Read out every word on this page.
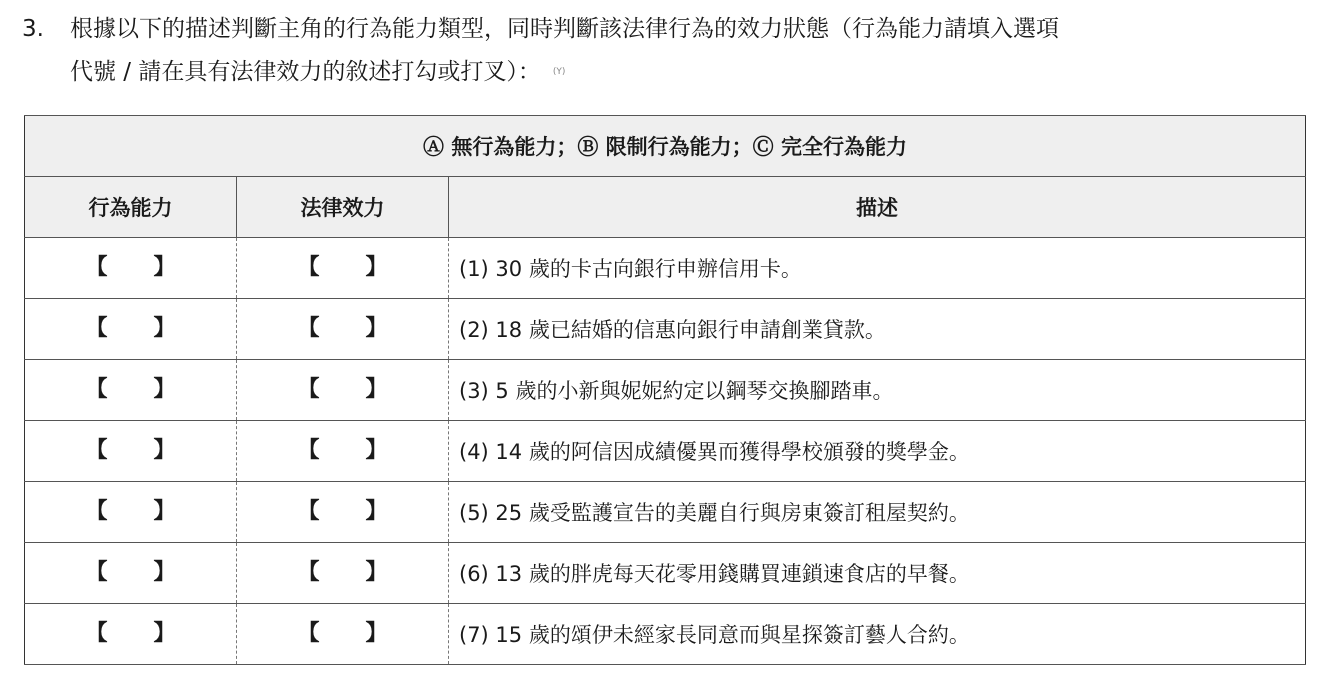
3. 根據以下的描述判斷主角的行為能力類型，同時判斷該法律行為的效力狀態（行為能力請填入選項
代號 / 請在具有法律效力的敘述打勾或打叉）： (Y)
Ⓐ 無行為能力；Ⓑ 限制行為能力；Ⓒ 完全行為能力		
行為能力	法律效力	描述

【 】	【 】	(1) 30 歲的卡古向銀行申辦信用卡。

【 】	【 】	(2) 18 歲已結婚的信惠向銀行申請創業貸款。

【 】	【 】	(3) 5 歲的小新與妮妮約定以鋼琴交換腳踏車。

【 】	【 】	(4) 14 歲的阿信因成績優異而獲得學校頒發的獎學金。

【 】	【 】	(5) 25 歲受監護宣告的美麗自行與房東簽訂租屋契約。

【 】	【 】	(6) 13 歲的胖虎每天花零用錢購買連鎖速食店的早餐。

【 】	【 】	(7) 15 歲的頌伊未經家長同意而與星探簽訂藝人合約。
